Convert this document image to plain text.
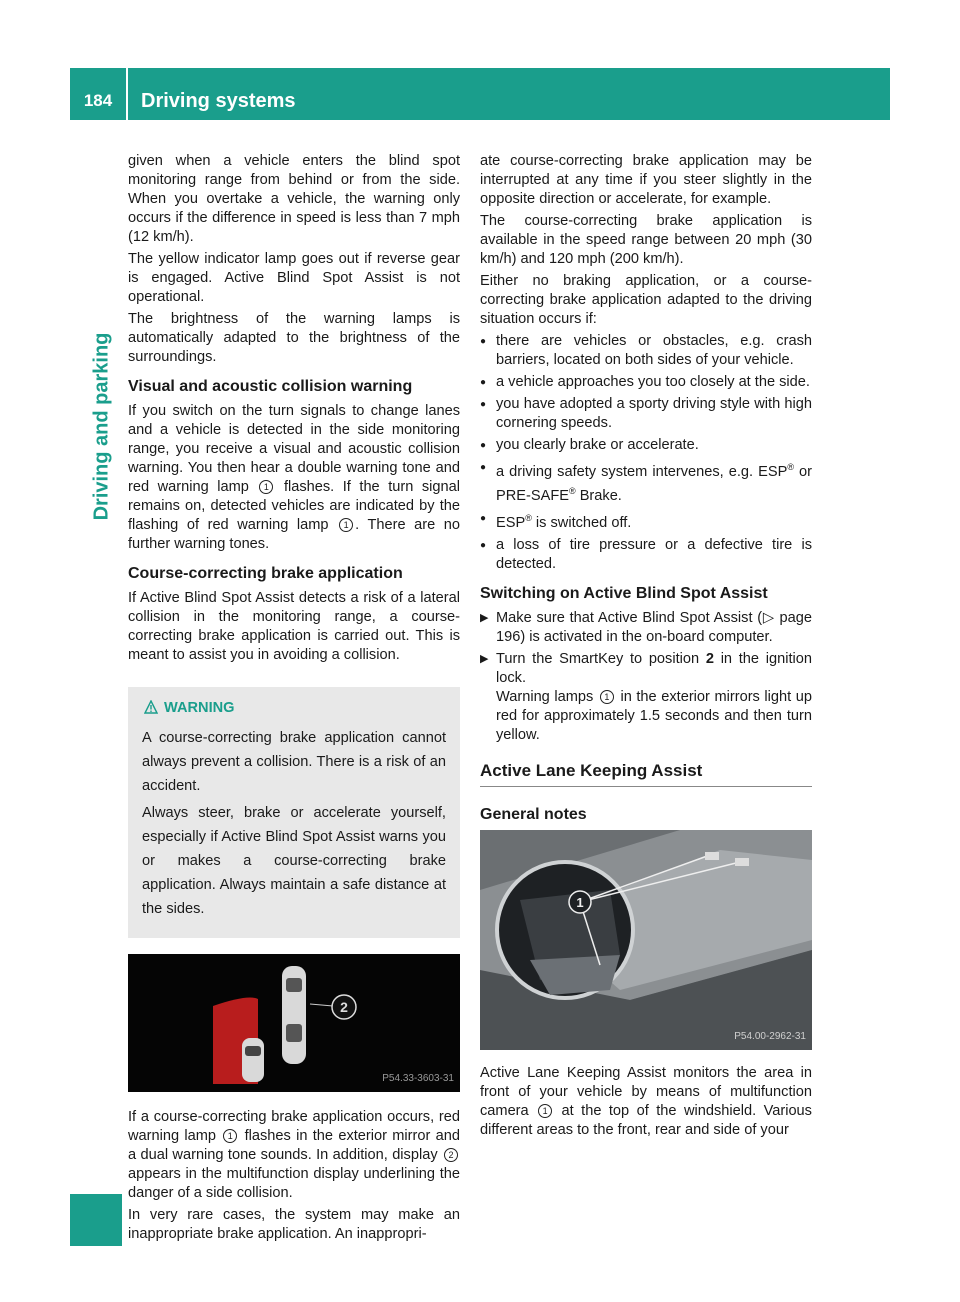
184	Driving systems
Driving and parking

given when a vehicle enters the blind spot monitoring range from behind or from the side. When you overtake a vehicle, the warning only occurs if the difference in speed is less than 7 mph (12 km/h).

The yellow indicator lamp goes out if reverse gear is engaged. Active Blind Spot Assist is not operational.

The brightness of the warning lamps is automatically adapted to the brightness of the surroundings.

Visual and acoustic collision warning

If you switch on the turn signals to change lanes and a vehicle is detected in the side monitoring range, you receive a visual and acoustic collision warning. You then hear a double warning tone and red warning lamp 1 flashes. If the turn signal remains on, detected vehicles are indicated by the flashing of red warning lamp 1 . There are no further warning tones.

Course-correcting brake application

If Active Blind Spot Assist detects a risk of a lateral collision in the monitoring range, a course-correcting brake application is carried out. This is meant to assist you in avoiding a collision.

WARNING

A course-correcting brake application cannot always prevent a collision. There is a risk of an accident.

Always steer, brake or accelerate yourself, especially if Active Blind Spot Assist warns you or makes a course-correcting brake application. Always maintain a safe distance at the sides.

2
P54.33-3603-31

If a course-correcting brake application occurs, red warning lamp 1 flashes in the exterior mirror and a dual warning tone sounds. In addition, display 2 appears in the multifunction display underlining the danger of a side collision.

In very rare cases, the system may make an inappropriate brake application. An inappropri-

ate course-correcting brake application may be interrupted at any time if you steer slightly in the opposite direction or accelerate, for example.

The course-correcting brake application is available in the speed range between 20 mph (30 km/h) and 120 mph (200 km/h).

Either no braking application, or a course-correcting brake application adapted to the driving situation occurs if:

● there are vehicles or obstacles, e.g. crash barriers, located on both sides of your vehicle.

● a vehicle approaches you too closely at the side.

● you have adopted a sporty driving style with high cornering speeds.

● you clearly brake or accelerate.

● a driving safety system intervenes, e.g. ESP® or PRE-SAFE® Brake.

● ESP® is switched off.

● a loss of tire pressure or a defective tire is detected.

Switching on Active Blind Spot Assist

▶ Make sure that Active Blind Spot Assist (▷ page 196) is activated in the on-board computer.

▶ Turn the SmartKey to position 2 in the ignition lock.
Warning lamps 1 in the exterior mirrors light up red for approximately 1.5 seconds and then turn yellow.

Active Lane Keeping Assist
General notes
1
P54.00-2962-31

Active Lane Keeping Assist monitors the area in front of your vehicle by means of multifunction camera 1 at the top of the windshield. Various different areas to the front, rear and side of your
